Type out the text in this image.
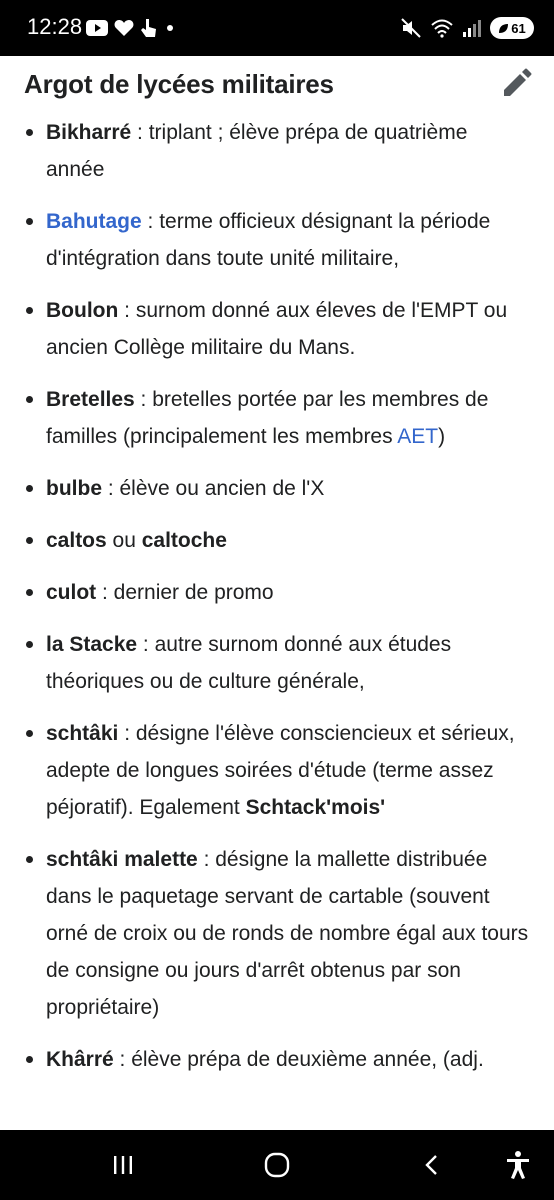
12:28	61
Argot de lycées militaires
Bikharré : triplant ; élève prépa de quatrième année
Bahutage : terme officieux désignant la période d'intégration dans toute unité militaire,
Boulon : surnom donné aux éleves de l'EMPT ou ancien Collège militaire du Mans.
Bretelles : bretelles portée par les membres de familles (principalement les membres AET)
bulbe : élève ou ancien de l'X
caltos ou caltoche
culot : dernier de promo
la Stacke : autre surnom donné aux études théoriques ou de culture générale,
schtâki : désigne l'élève consciencieux et sérieux, adepte de longues soirées d'étude (terme assez péjoratif). Egalement Schtack'mois'
schtâki malette : désigne la mallette distribuée dans le paquetage servant de cartable (souvent orné de croix ou de ronds de nombre égal aux tours de consigne ou jours d'arrêt obtenus par son propriétaire)
Khârré : élève prépa de deuxième année, (adj.
